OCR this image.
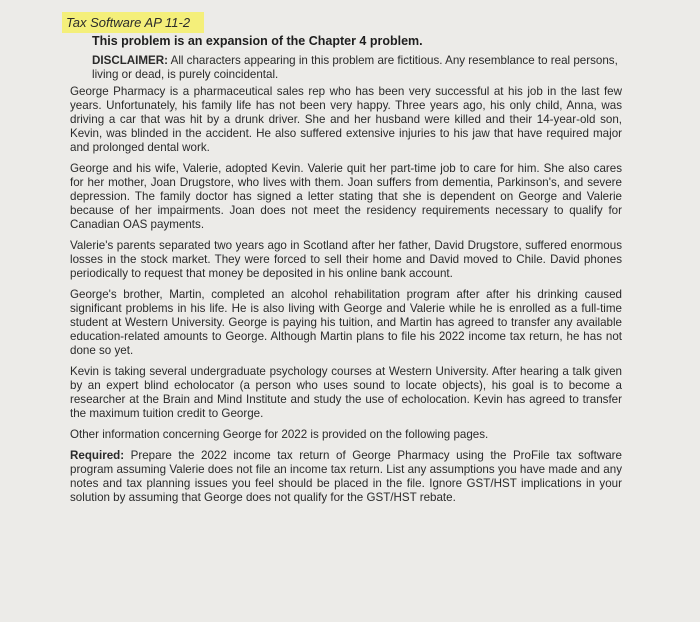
Tax Software AP 11-2
This problem is an expansion of the Chapter 4 problem.
DISCLAIMER: All characters appearing in this problem are fictitious. Any resemblance to real persons, living or dead, is purely coincidental.

George Pharmacy is a pharmaceutical sales rep who has been very successful at his job in the last few years. Unfortunately, his family life has not been very happy. Three years ago, his only child, Anna, was driving a car that was hit by a drunk driver. She and her husband were killed and their 14-year-old son, Kevin, was blinded in the accident. He also suffered extensive injuries to his jaw that have required major and prolonged dental work.

George and his wife, Valerie, adopted Kevin. Valerie quit her part-time job to care for him. She also cares for her mother, Joan Drugstore, who lives with them. Joan suffers from dementia, Parkinson's, and severe depression. The family doctor has signed a letter stating that she is dependent on George and Valerie because of her impairments. Joan does not meet the residency requirements necessary to qualify for Canadian OAS payments.

Valerie's parents separated two years ago in Scotland after her father, David Drugstore, suffered enormous losses in the stock market. They were forced to sell their home and David moved to Chile. David phones periodically to request that money be deposited in his online bank account.

George's brother, Martin, completed an alcohol rehabilitation program after after his drinking caused significant problems in his life. He is also living with George and Valerie while he is enrolled as a full-time student at Western University. George is paying his tuition, and Martin has agreed to transfer any available education-related amounts to George. Although Martin plans to file his 2022 income tax return, he has not done so yet.

Kevin is taking several undergraduate psychology courses at Western University. After hearing a talk given by an expert blind echolocator (a person who uses sound to locate objects), his goal is to become a researcher at the Brain and Mind Institute and study the use of echolocation. Kevin has agreed to transfer the maximum tuition credit to George.

Other information concerning George for 2022 is provided on the following pages.

Required: Prepare the 2022 income tax return of George Pharmacy using the ProFile tax software program assuming Valerie does not file an income tax return. List any assumptions you have made and any notes and tax planning issues you feel should be placed in the file. Ignore GST/HST implications in your solution by assuming that George does not qualify for the GST/HST rebate.
